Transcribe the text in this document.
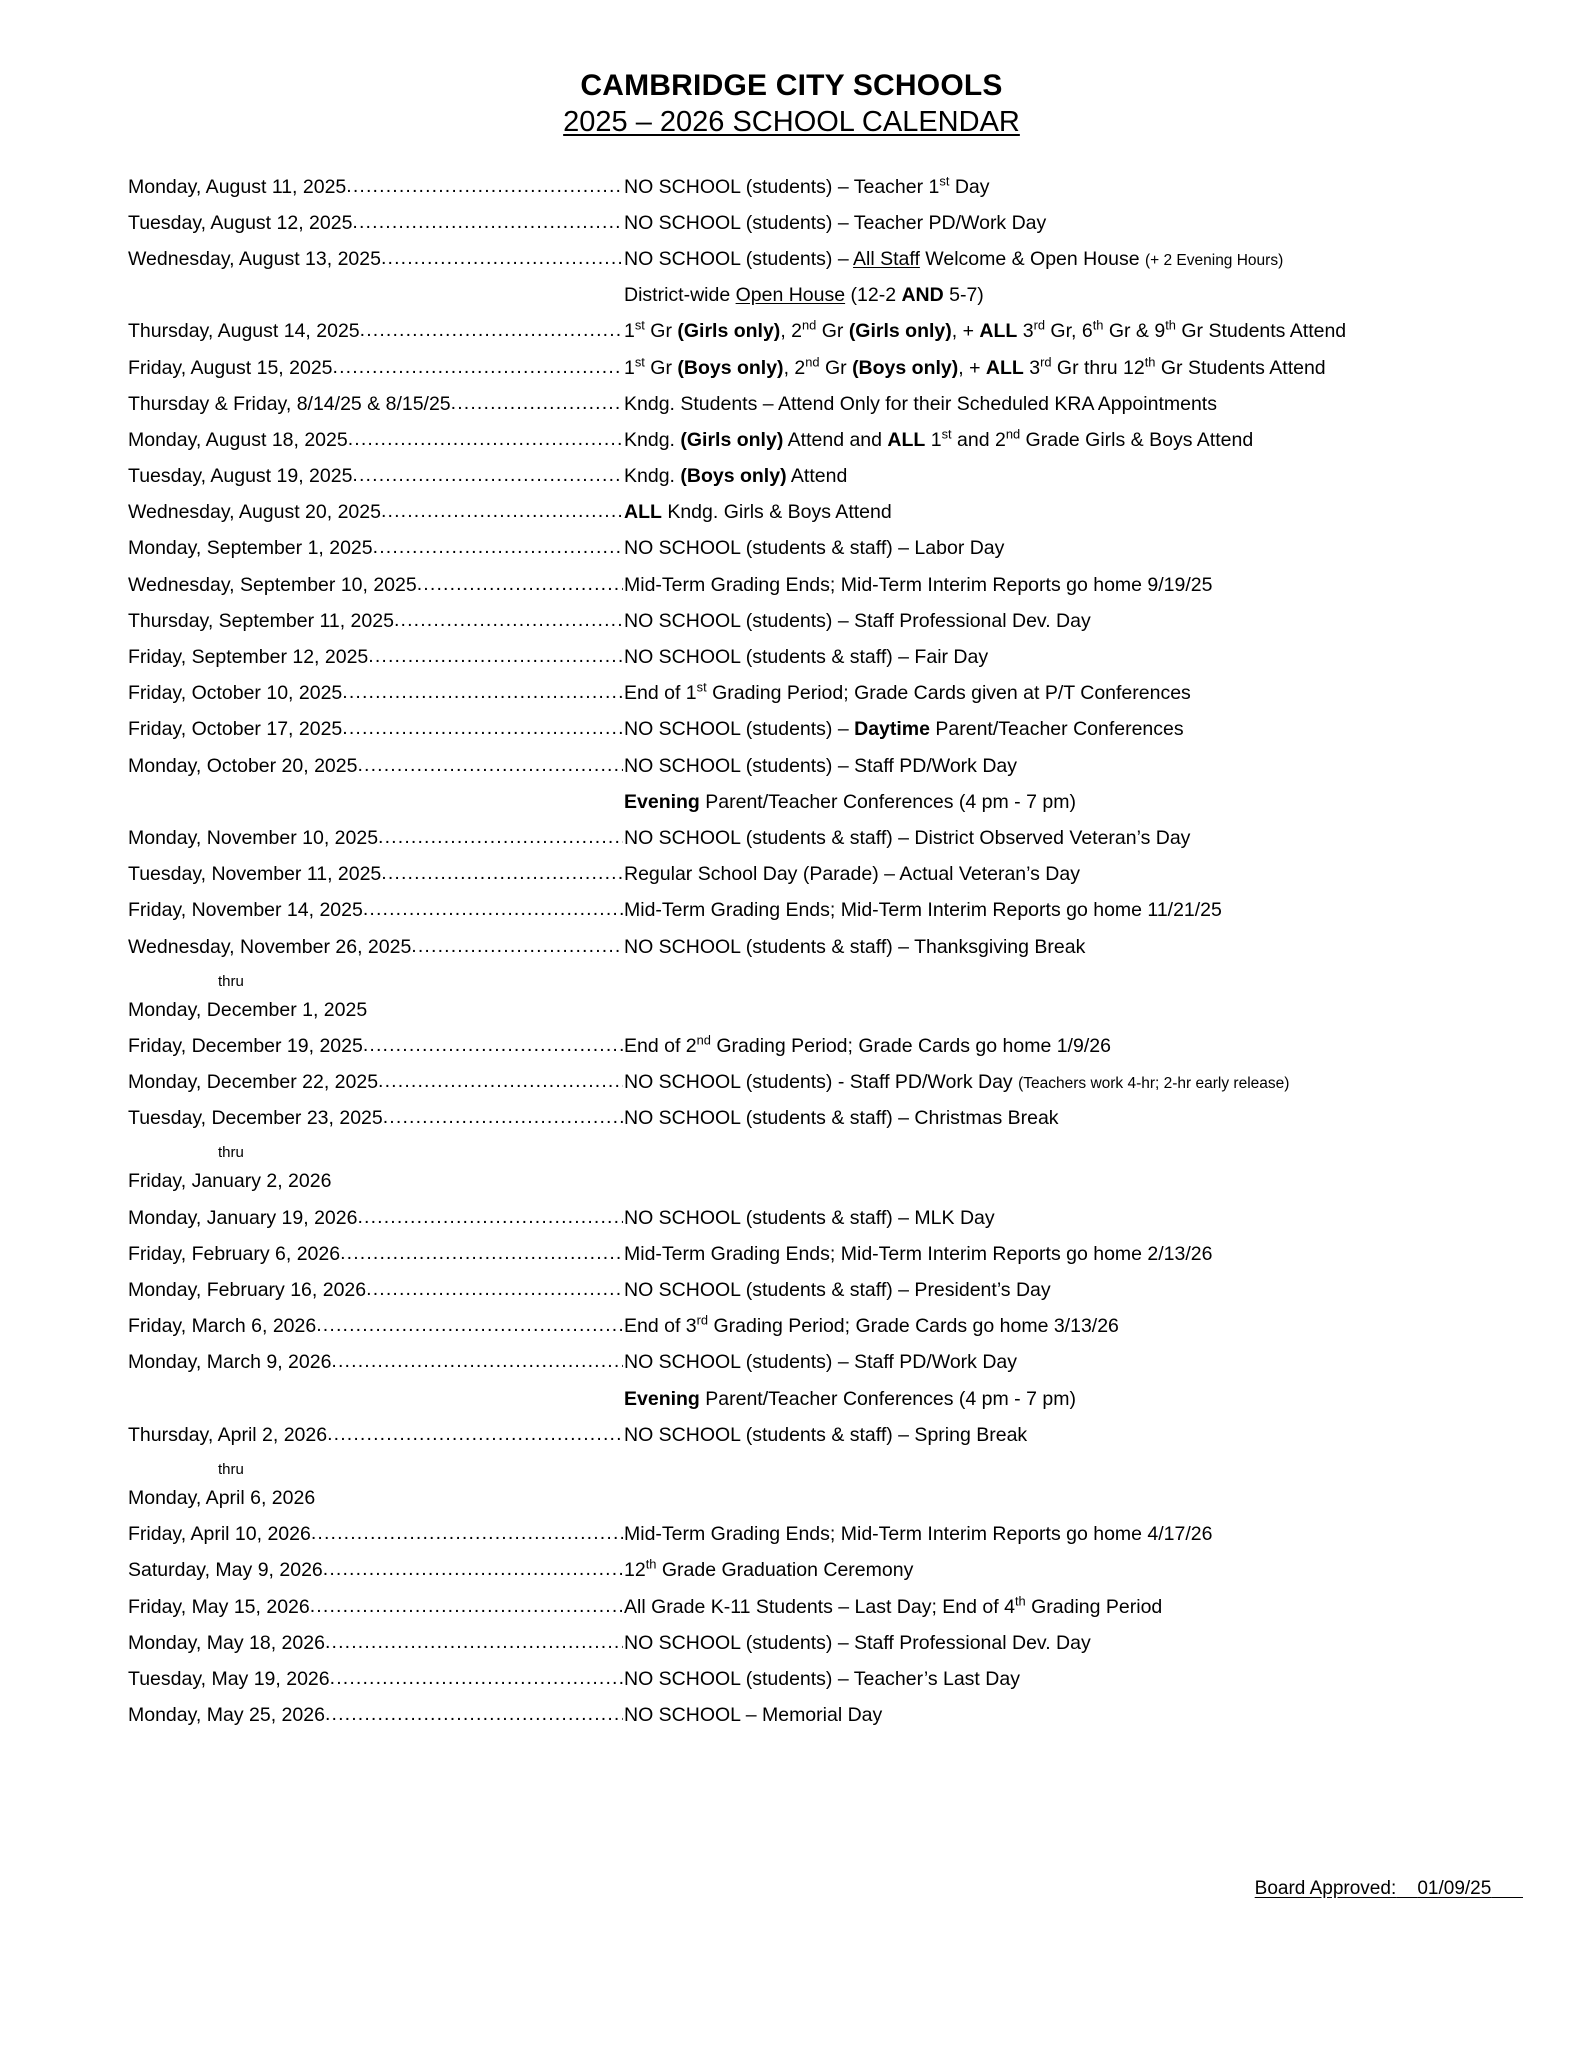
CAMBRIDGE CITY SCHOOLS
2025 – 2026 SCHOOL CALENDAR
Monday, August 11, 2025 .....	NO SCHOOL (students) – Teacher 1st Day
Tuesday, August 12, 2025 .....	NO SCHOOL (students) – Teacher PD/Work Day
Wednesday, August 13, 2025 .....	NO SCHOOL (students) – All Staff Welcome & Open House (+ 2 Evening Hours)
District-wide Open House (12-2 AND 5-7)
Thursday, August 14, 2025 .....	1st Gr (Girls only), 2nd Gr (Girls only), + ALL 3rd Gr, 6th Gr & 9th Gr Students Attend
Friday, August 15, 2025 .....	1st Gr (Boys only), 2nd Gr (Boys only), + ALL 3rd Gr thru 12th Gr Students Attend
Thursday & Friday, 8/14/25 & 8/15/25 .....	Kndg. Students – Attend Only for their Scheduled KRA Appointments
Monday, August 18, 2025 .....	Kndg. (Girls only) Attend and ALL 1st and 2nd Grade Girls & Boys Attend
Tuesday, August 19, 2025 .....	Kndg. (Boys only) Attend
Wednesday, August 20, 2025 .....	ALL Kndg. Girls & Boys Attend
Monday, September 1, 2025 .....	NO SCHOOL (students & staff) – Labor Day
Wednesday, September 10, 2025 .....	Mid-Term Grading Ends; Mid-Term Interim Reports go home 9/19/25
Thursday, September 11, 2025 .....	NO SCHOOL (students) – Staff Professional Dev. Day
Friday, September 12, 2025 .....	NO SCHOOL (students & staff) – Fair Day
Friday, October 10, 2025 .....	End of 1st Grading Period; Grade Cards given at P/T Conferences
Friday, October 17, 2025 .....	NO SCHOOL (students) – Daytime Parent/Teacher Conferences
Monday, October 20, 2025 .....	NO SCHOOL (students) – Staff PD/Work Day
Evening Parent/Teacher Conferences (4 pm - 7 pm)
Monday, November 10, 2025 .....	NO SCHOOL (students & staff) – District Observed Veteran’s Day
Tuesday, November 11, 2025 .....	Regular School Day (Parade) – Actual Veteran’s Day
Friday, November 14, 2025 .....	Mid-Term Grading Ends; Mid-Term Interim Reports go home 11/21/25
Wednesday, November 26, 2025 .....	NO SCHOOL (students & staff) – Thanksgiving Break
thru
Monday, December 1, 2025
Friday, December 19, 2025 .....	End of 2nd Grading Period; Grade Cards go home 1/9/26
Monday, December 22, 2025 .....	NO SCHOOL (students) - Staff PD/Work Day (Teachers work 4-hr; 2-hr early release)
Tuesday, December 23, 2025 .....	NO SCHOOL (students & staff) – Christmas Break
thru
Friday, January 2, 2026
Monday, January 19, 2026 .....	NO SCHOOL (students & staff) – MLK Day
Friday, February 6, 2026 .....	Mid-Term Grading Ends; Mid-Term Interim Reports go home 2/13/26
Monday, February 16, 2026 .....	NO SCHOOL (students & staff) – President’s Day
Friday, March 6, 2026 .....	End of 3rd Grading Period; Grade Cards go home 3/13/26
Monday, March 9, 2026 .....	NO SCHOOL (students) – Staff PD/Work Day
Evening Parent/Teacher Conferences (4 pm - 7 pm)
Thursday, April 2, 2026 .....	NO SCHOOL (students & staff) – Spring Break
thru
Monday, April 6, 2026
Friday, April 10, 2026 .....	Mid-Term Grading Ends; Mid-Term Interim Reports go home 4/17/26
Saturday, May 9, 2026 .....	12th Grade Graduation Ceremony
Friday, May 15, 2026 .....	All Grade K-11 Students – Last Day; End of 4th Grading Period
Monday, May 18, 2026 .....	NO SCHOOL (students) – Staff Professional Dev. Day
Tuesday, May 19, 2026 .....	NO SCHOOL (students) – Teacher’s Last Day
Monday, May 25, 2026 .....	NO SCHOOL – Memorial Day
Board Approved: 01/09/25
